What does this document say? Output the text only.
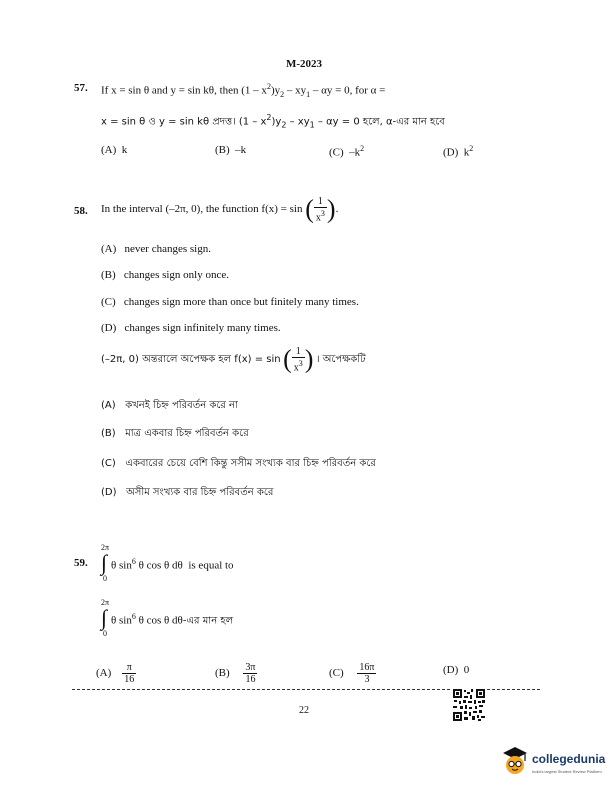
M-2023
57. If x = sin θ and y = sin kθ, then $(1 - x^2)y_2 - xy_1 - \alpha y = 0$, for α =
x = sin θ ও y = sin kθ প্রদত্ত। $(1 - x^2)y_2 - xy_1 - \alpha y = 0$ হলে, α-এর মান হবে
(A) k	(B) –k	(C) $-k^2$	(D) $k^2$
58. In the interval (–2π, 0), the function f(x) = sin ( $\frac{1}{x^3}$ ).
(A) never changes sign.
(B) changes sign only once.
(C) changes sign more than once but finitely many times.
(D) changes sign infinitely many times.
(–2π, 0) অন্তরালে অপেক্ষক হল f(x) = sin ( $\frac{1}{x^3}$ ) । অপেক্ষকটি
(A) কখনই চিহ্ন পরিবর্তন করে না
(B) মাত্র একবার চিহ্ন পরিবর্তন করে
(C) একবারের চেয়ে বেশি কিন্তু সসীম সংখ্যক বার চিহ্ন পরিবর্তন করে
(D) অসীম সংখ্যক বার চিহ্ন পরিবর্তন করে
59.
2π
∫
0
θ $\sin^6 \theta$ cos θ dθ is equal to
2π
∫
0
θ $\sin^6 \theta$ cos θ dθ-এর মান হল
$(A) \frac{\pi}{16}$	$(B) \frac{3\pi}{16}$	$(C) \frac{16\pi}{3}$	(D) 0
22
collegedunia
India's largest Student Review Platform
